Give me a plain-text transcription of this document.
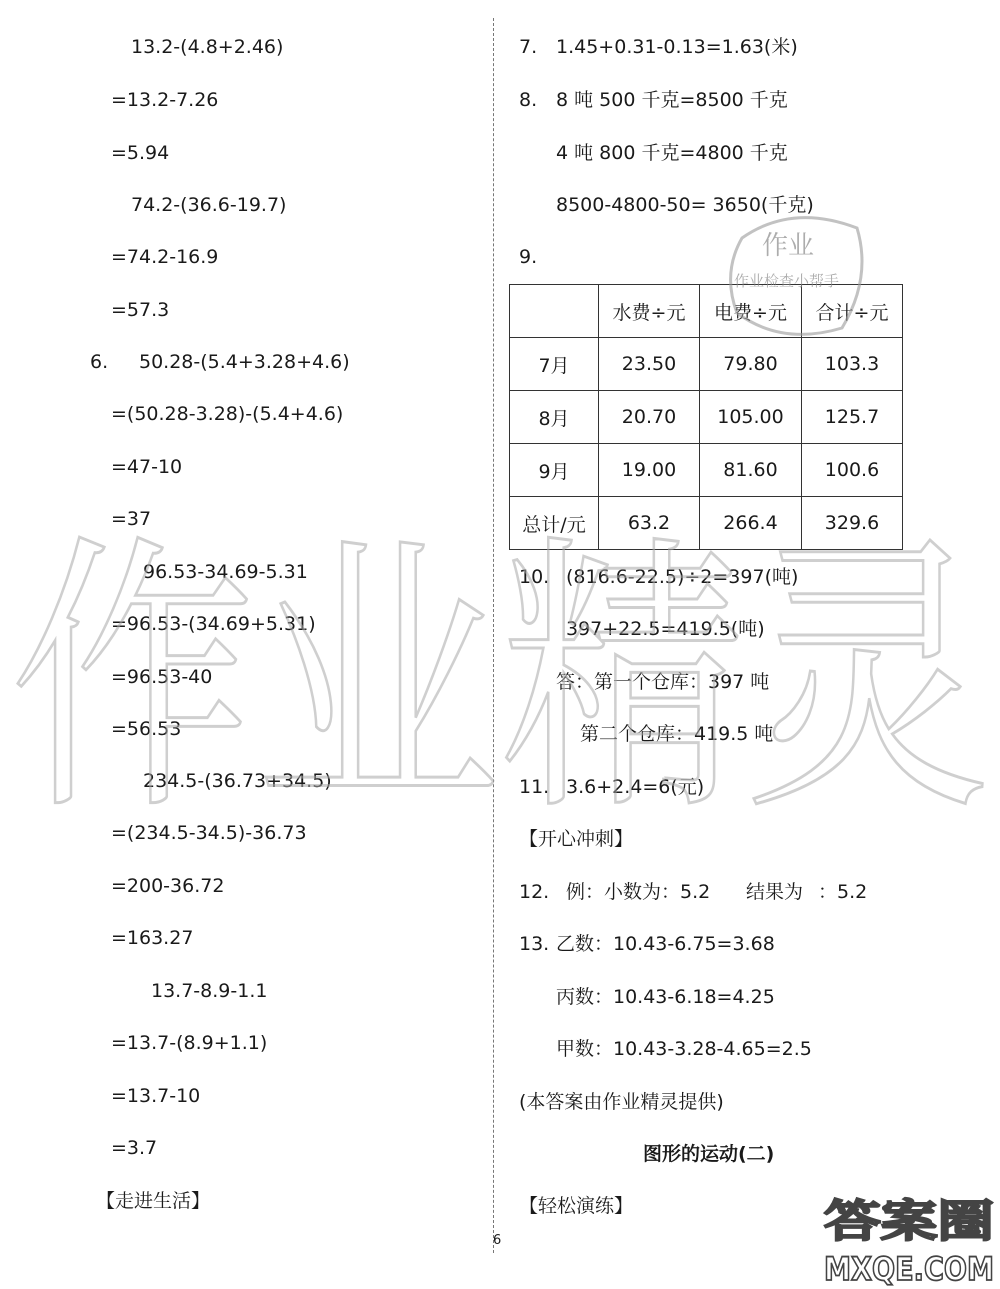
13.2-(4.8+2.46)
=13.2-7.26
=5.94
74.2-(36.6-19.7)
=74.2-16.9
=57.3
6. 50.28-(5.4+3.28+4.6)
=(50.28-3.28)-(5.4+4.6)
=47-10
=37
96.53-34.69-5.31
=96.53-(34.69+5.31)
=96.53-40
=56.53
234.5-(36.73+34.5)
=(234.5-34.5)-36.73
=200-36.72
=163.27
13.7-8.9-1.1
=13.7-(8.9+1.1)
=13.7-10
=3.7
【走进生活】
7. 1.45+0.31-0.13=1.63(米)
8. 8 吨 500 千克=8500 千克
4 吨 800 千克=4800 千克
8500-4800-50= 3650(千克)
9.
	水费÷元	电费÷元	合计÷元
7月	23.50	79.80	103.3
8月	20.70	105.00	125.7
9月	19.00	81.60	100.6
总计/元	63.2	266.4	329.6
10. (816.6-22.5)÷2=397(吨)
397+22.5=419.5(吨)
答：第一个仓库：397 吨
第二个仓库：419.5 吨
11. 3.6+2.4=6(元)
【开心冲刺】
12. 例：小数为：5.2 结果为 ：5.2
13. 乙数：10.43-6.75=3.68
丙数：10.43-6.18=4.25
甲数：10.43-3.28-4.65=2.5
(本答案由作业精灵提供)
图形的运动(二)
【轻松演练】
6
作业精灵
作业
作业检查小帮手
答案圈
MXQE.COM
